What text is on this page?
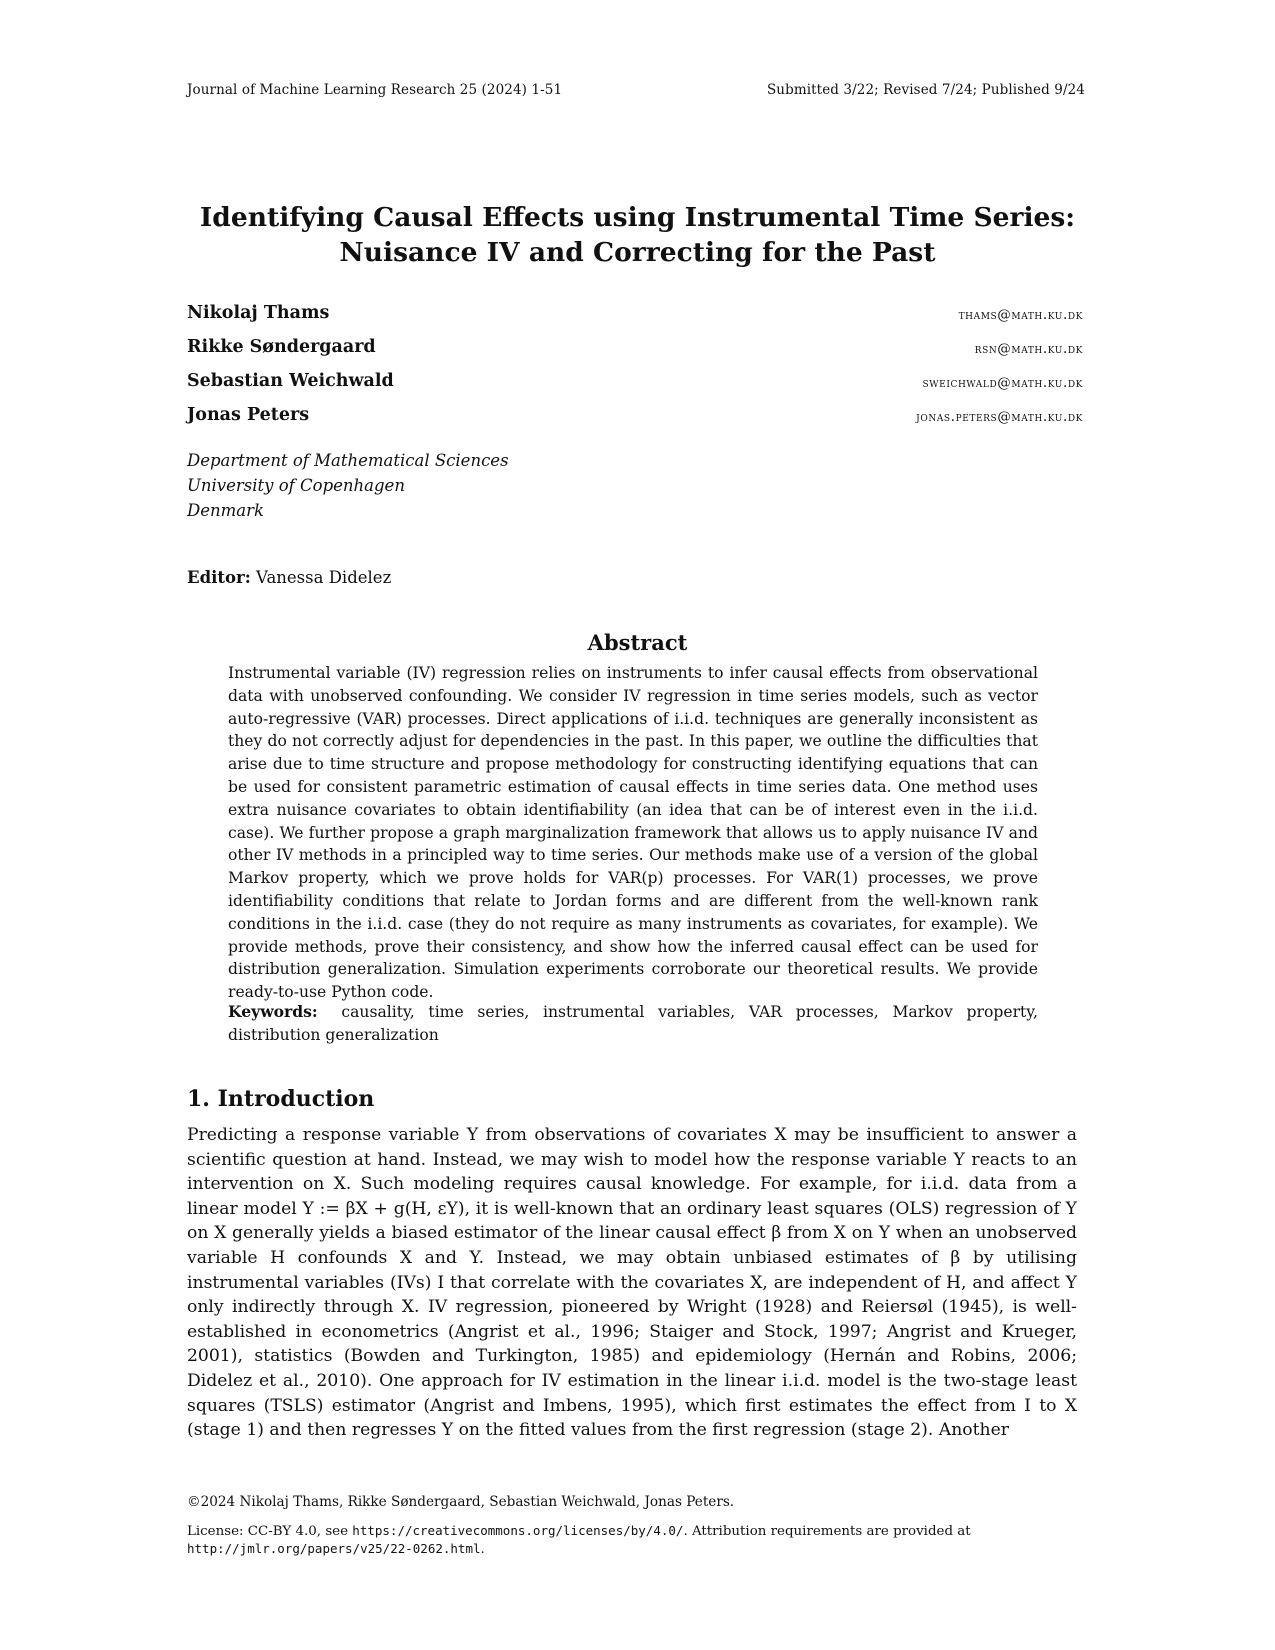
Journal of Machine Learning Research 25 (2024) 1-51	Submitted 3/22; Revised 7/24; Published 9/24
Identifying Causal Effects using Instrumental Time Series:
Nuisance IV and Correcting for the Past
Nikolaj Thams	thams@math.ku.dk
Rikke Søndergaard	rsn@math.ku.dk
Sebastian Weichwald	sweichwald@math.ku.dk
Jonas Peters	jonas.peters@math.ku.dk
Department of Mathematical Sciences
University of Copenhagen
Denmark
Editor: Vanessa Didelez
Abstract
Instrumental variable (IV) regression relies on instruments to infer causal effects from observational data with unobserved confounding. We consider IV regression in time series models, such as vector auto-regressive (VAR) processes. Direct applications of i.i.d. techniques are generally inconsistent as they do not correctly adjust for dependencies in the past. In this paper, we outline the difficulties that arise due to time structure and propose methodology for constructing identifying equations that can be used for consistent parametric estimation of causal effects in time series data. One method uses extra nuisance covariates to obtain identifiability (an idea that can be of interest even in the i.i.d. case). We further propose a graph marginalization framework that allows us to apply nuisance IV and other IV methods in a principled way to time series. Our methods make use of a version of the global Markov property, which we prove holds for VAR(p) processes. For VAR(1) processes, we prove identifiability conditions that relate to Jordan forms and are different from the well-known rank conditions in the i.i.d. case (they do not require as many instruments as covariates, for example). We provide methods, prove their consistency, and show how the inferred causal effect can be used for distribution generalization. Simulation experiments corroborate our theoretical results. We provide ready-to-use Python code.
Keywords: causality, time series, instrumental variables, VAR processes, Markov property, distribution generalization
1. Introduction
Predicting a response variable Y from observations of covariates X may be insufficient to answer a scientific question at hand. Instead, we may wish to model how the response variable Y reacts to an intervention on X. Such modeling requires causal knowledge. For example, for i.i.d. data from a linear model Y := βX + g(H, εY), it is well-known that an ordinary least squares (OLS) regression of Y on X generally yields a biased estimator of the linear causal effect β from X on Y when an unobserved variable H confounds X and Y. Instead, we may obtain unbiased estimates of β by utilising instrumental variables (IVs) I that correlate with the covariates X, are independent of H, and affect Y only indirectly through X. IV regression, pioneered by Wright (1928) and Reiersøl (1945), is well-established in econometrics (Angrist et al., 1996; Staiger and Stock, 1997; Angrist and Krueger, 2001), statistics (Bowden and Turkington, 1985) and epidemiology (Hernán and Robins, 2006; Didelez et al., 2010). One approach for IV estimation in the linear i.i.d. model is the two-stage least squares (TSLS) estimator (Angrist and Imbens, 1995), which first estimates the effect from I to X (stage 1) and then regresses Y on the fitted values from the first regression (stage 2). Another
©2024 Nikolaj Thams, Rikke Søndergaard, Sebastian Weichwald, Jonas Peters.
License: CC-BY 4.0, see https://creativecommons.org/licenses/by/4.0/. Attribution requirements are provided at
http://jmlr.org/papers/v25/22-0262.html.
